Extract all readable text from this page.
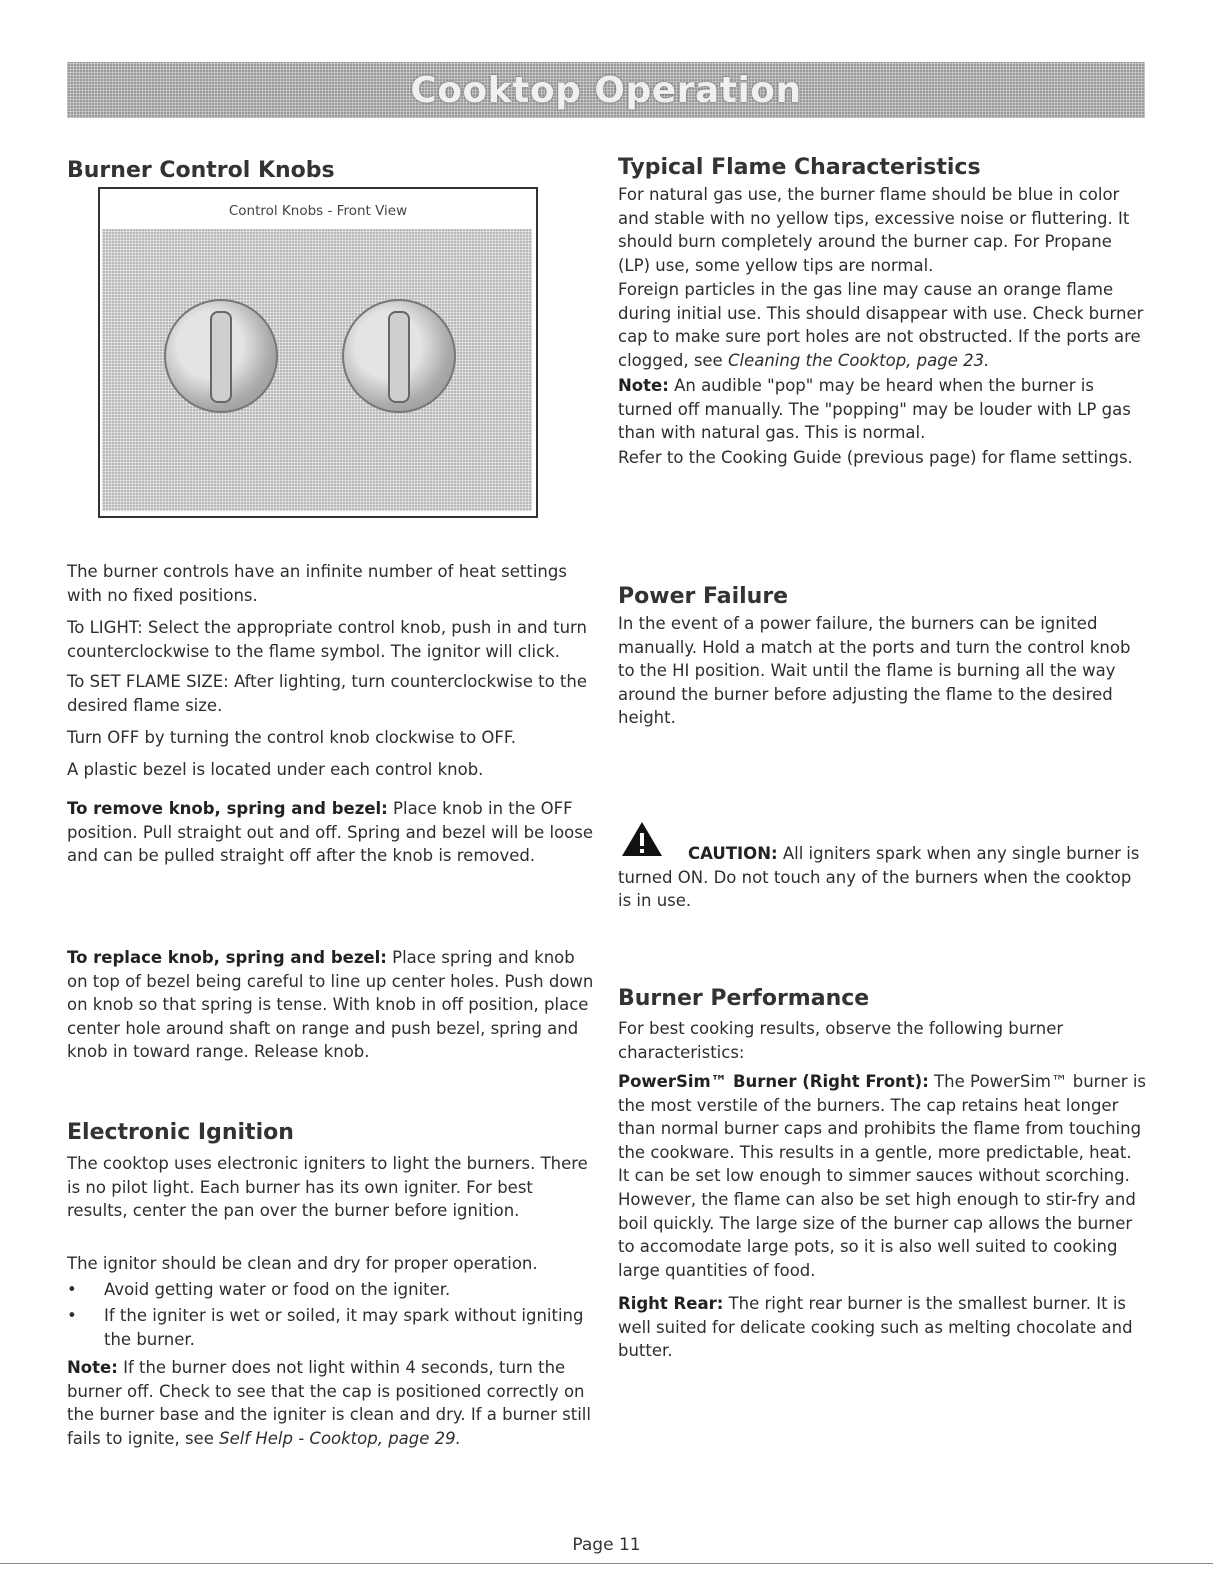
Cooktop Operation
Burner Control Knobs
Control Knobs - Front View

The burner controls have an infinite number of heat settings with no fixed positions.

To LIGHT: Select the appropriate control knob, push in and turn counterclockwise to the flame symbol. The ignitor will click.

To SET FLAME SIZE: After lighting, turn counterclockwise to the desired flame size.

Turn OFF by turning the control knob clockwise to OFF.

A plastic bezel is located under each control knob.

To remove knob, spring and bezel: Place knob in the OFF position. Pull straight out and off. Spring and bezel will be loose and can be pulled straight off after the knob is removed.

To replace knob, spring and bezel: Place spring and knob on top of bezel being careful to line up center holes. Push down on knob so that spring is tense. With knob in off position, place center hole around shaft on range and push bezel, spring and knob in toward range. Release knob.

Electronic Ignition

The cooktop uses electronic igniters to light the burners. There is no pilot light. Each burner has its own igniter. For best results, center the pan over the burner before ignition.

The ignitor should be clean and dry for proper operation.

•	Avoid getting water or food on the igniter.
•	If the igniter is wet or soiled, it may spark without igniting the burner.

Note: If the burner does not light within 4 seconds, turn the burner off. Check to see that the cap is positioned correctly on the burner base and the igniter is clean and dry. If a burner still fails to ignite, see Self Help - Cooktop, page 29.

Typical Flame Characteristics

For natural gas use, the burner flame should be blue in color and stable with no yellow tips, excessive noise or fluttering. It should burn completely around the burner cap. For Propane (LP) use, some yellow tips are normal.

Foreign particles in the gas line may cause an orange flame during initial use. This should disappear with use. Check burner cap to make sure port holes are not obstructed. If the ports are clogged, see Cleaning the Cooktop, page 23.

Note: An audible "pop" may be heard when the burner is turned off manually. The "popping" may be louder with LP gas than with natural gas. This is normal.

Refer to the Cooking Guide (previous page) for flame settings.

Power Failure

In the event of a power failure, the burners can be ignited manually. Hold a match at the ports and turn the control knob to the HI position. Wait until the flame is burning all the way around the burner before adjusting the flame to the desired height.

CAUTION: All igniters spark when any single burner is turned ON. Do not touch any of the burners when the cooktop is in use.

Burner Performance

For best cooking results, observe the following burner characteristics:

PowerSim™ Burner (Right Front): The PowerSim™ burner is the most verstile of the burners. The cap retains heat longer than normal burner caps and prohibits the flame from touching the cookware. This results in a gentle, more predictable, heat. It can be set low enough to simmer sauces without scorching. However, the flame can also be set high enough to stir-fry and boil quickly. The large size of the burner cap allows the burner to accomodate large pots, so it is also well suited to cooking large quantities of food.

Right Rear: The right rear burner is the smallest burner. It is well suited for delicate cooking such as melting chocolate and butter.

Page 11
